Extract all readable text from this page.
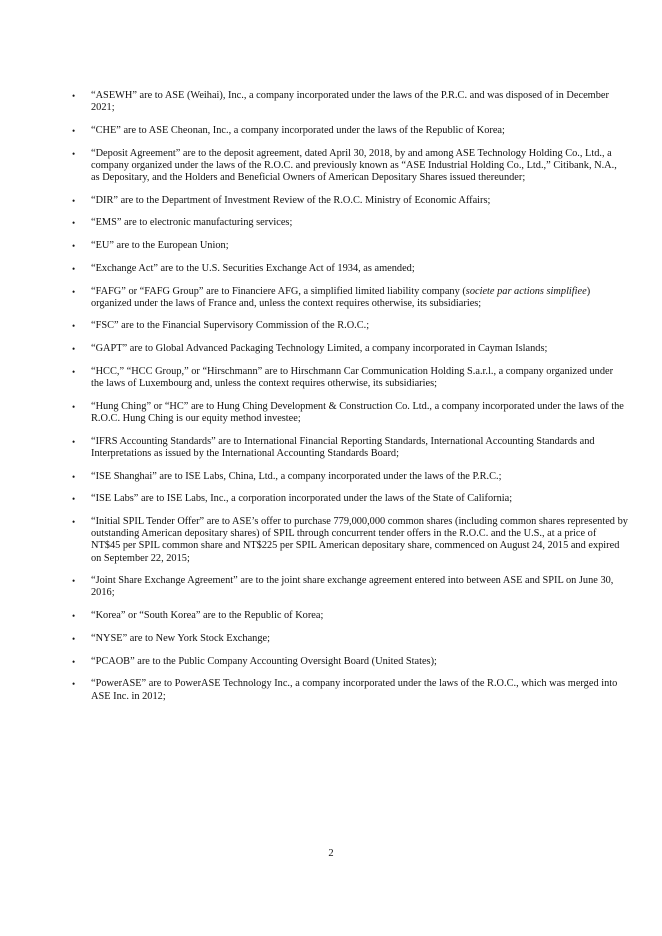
• “ASEWH” are to ASE (Weihai), Inc., a company incorporated under the laws of the P.R.C. and was disposed of in December 2021;
• “CHE” are to ASE Cheonan, Inc., a company incorporated under the laws of the Republic of Korea;
• “Deposit Agreement” are to the deposit agreement, dated April 30, 2018, by and among ASE Technology Holding Co., Ltd., a company organized under the laws of the R.O.C. and previously known as “ASE Industrial Holding Co., Ltd.,” Citibank, N.A., as Depositary, and the Holders and Beneficial Owners of American Depositary Shares issued thereunder;
• “DIR” are to the Department of Investment Review of the R.O.C. Ministry of Economic Affairs;
• “EMS” are to electronic manufacturing services;
• “EU” are to the European Union;
• “Exchange Act” are to the U.S. Securities Exchange Act of 1934, as amended;
• “FAFG” or “FAFG Group” are to Financiere AFG, a simplified limited liability company (societe par actions simplifiee) organized under the laws of France and, unless the context requires otherwise, its subsidiaries;
• “FSC” are to the Financial Supervisory Commission of the R.O.C.;
• “GAPT” are to Global Advanced Packaging Technology Limited, a company incorporated in Cayman Islands;
• “HCC,” “HCC Group,” or “Hirschmann” are to Hirschmann Car Communication Holding S.a.r.l., a company organized under the laws of Luxembourg and, unless the context requires otherwise, its subsidiaries;
• “Hung Ching” or “HC” are to Hung Ching Development & Construction Co. Ltd., a company incorporated under the laws of the R.O.C. Hung Ching is our equity method investee;
• “IFRS Accounting Standards” are to International Financial Reporting Standards, International Accounting Standards and Interpretations as issued by the International Accounting Standards Board;
• “ISE Shanghai” are to ISE Labs, China, Ltd., a company incorporated under the laws of the P.R.C.;
• “ISE Labs” are to ISE Labs, Inc., a corporation incorporated under the laws of the State of California;
• “Initial SPIL Tender Offer” are to ASE’s offer to purchase 779,000,000 common shares (including common shares represented by outstanding American depositary shares) of SPIL through concurrent tender offers in the R.O.C. and the U.S., at a price of NT$45 per SPIL common share and NT$225 per SPIL American depositary share, commenced on August 24, 2015 and expired on September 22, 2015;
• “Joint Share Exchange Agreement” are to the joint share exchange agreement entered into between ASE and SPIL on June 30, 2016;
• “Korea” or “South Korea” are to the Republic of Korea;
• “NYSE” are to New York Stock Exchange;
• “PCAOB” are to the Public Company Accounting Oversight Board (United States);
• “PowerASE” are to PowerASE Technology Inc., a company incorporated under the laws of the R.O.C., which was merged into ASE Inc. in 2012;
2
